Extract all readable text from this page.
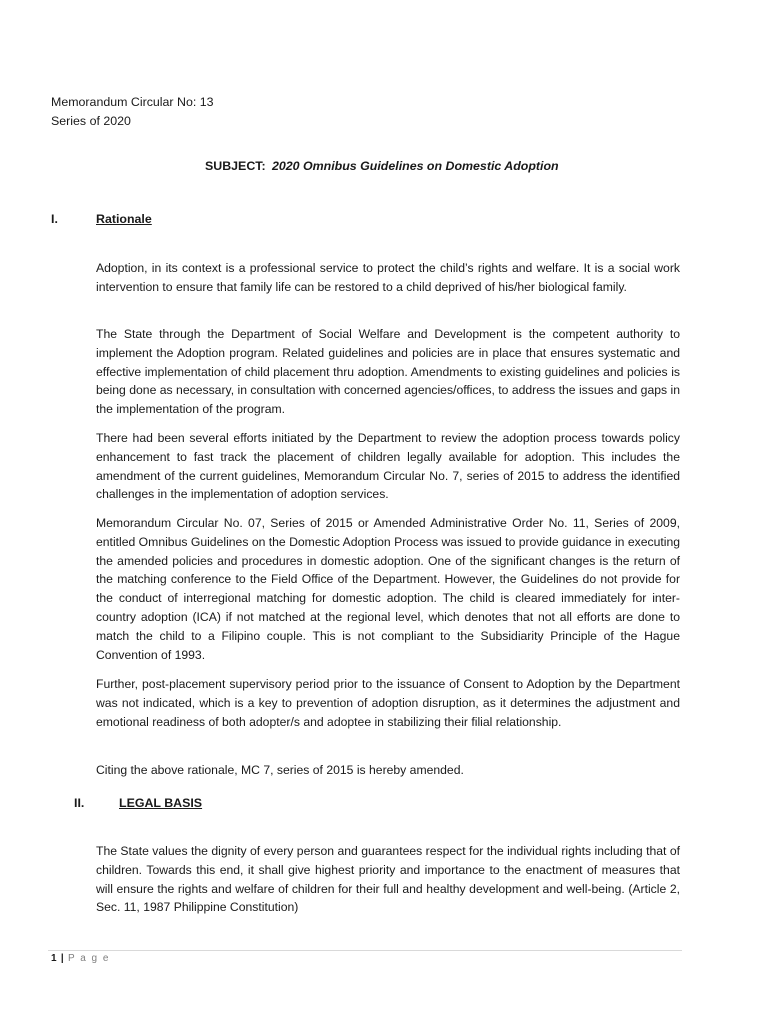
Memorandum Circular No: 13
Series of 2020
SUBJECT: 2020 Omnibus Guidelines on Domestic Adoption
I.	Rationale

Adoption, in its context is a professional service to protect the child’s rights and welfare. It is a social work intervention to ensure that family life can be restored to a child deprived of his/her biological family.

The State through the Department of Social Welfare and Development is the competent authority to implement the Adoption program. Related guidelines and policies are in place that ensures systematic and effective implementation of child placement thru adoption. Amendments to existing guidelines and policies is being done as necessary, in consultation with concerned agencies/offices, to address the issues and gaps in the implementation of the program.

There had been several efforts initiated by the Department to review the adoption process towards policy enhancement to fast track the placement of children legally available for adoption. This includes the amendment of the current guidelines, Memorandum Circular No. 7, series of 2015 to address the identified challenges in the implementation of adoption services.

Memorandum Circular No. 07, Series of 2015 or Amended Administrative Order No. 11, Series of 2009, entitled Omnibus Guidelines on the Domestic Adoption Process was issued to provide guidance in executing the amended policies and procedures in domestic adoption. One of the significant changes is the return of the matching conference to the Field Office of the Department. However, the Guidelines do not provide for the conduct of interregional matching for domestic adoption. The child is cleared immediately for inter-country adoption (ICA) if not matched at the regional level, which denotes that not all efforts are done to match the child to a Filipino couple. This is not compliant to the Subsidiarity Principle of the Hague Convention of 1993.

Further, post-placement supervisory period prior to the issuance of Consent to Adoption by the Department was not indicated, which is a key to prevention of adoption disruption, as it determines the adjustment and emotional readiness of both adopter/s and adoptee in stabilizing their filial relationship.

Citing the above rationale, MC 7, series of 2015 is hereby amended.

II.	LEGAL BASIS

The State values the dignity of every person and guarantees respect for the individual rights including that of children. Towards this end, it shall give highest priority and importance to the enactment of measures that will ensure the rights and welfare of children for their full and healthy development and well-being. (Article 2, Sec. 11, 1987 Philippine Constitution)

1 | P a g e
